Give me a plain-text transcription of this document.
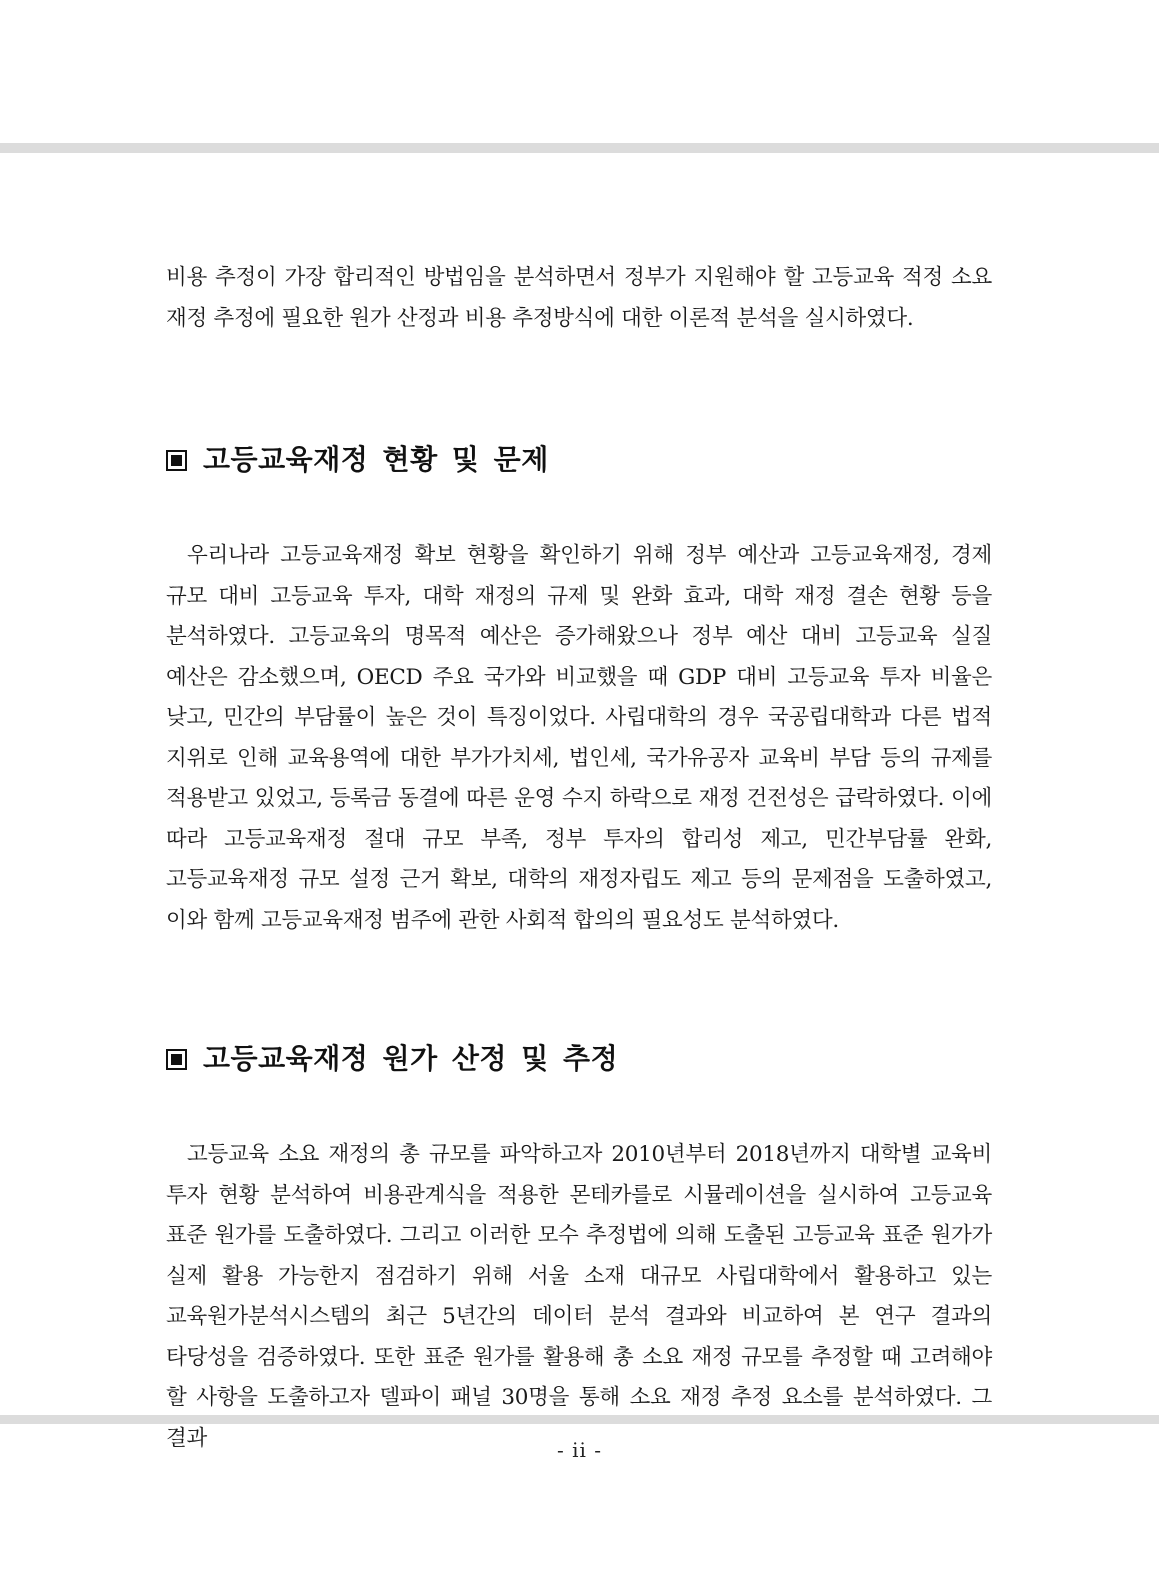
비용 추정이 가장 합리적인 방법임을 분석하면서 정부가 지원해야 할 고등교육 적정 소요 재정 추정에 필요한 원가 산정과 비용 추정방식에 대한 이론적 분석을 실시하였다.

고등교육재정 현황 및 문제

우리나라 고등교육재정 확보 현황을 확인하기 위해 정부 예산과 고등교육재정, 경제 규모 대비 고등교육 투자, 대학 재정의 규제 및 완화 효과, 대학 재정 결손 현황 등을 분석하였다. 고등교육의 명목적 예산은 증가해왔으나 정부 예산 대비 고등교육 실질 예산은 감소했으며, OECD 주요 국가와 비교했을 때 GDP 대비 고등교육 투자 비율은 낮고, 민간의 부담률이 높은 것이 특징이었다. 사립대학의 경우 국공립대학과 다른 법적 지위로 인해 교육용역에 대한 부가가치세, 법인세, 국가유공자 교육비 부담 등의 규제를 적용받고 있었고, 등록금 동결에 따른 운영 수지 하락으로 재정 건전성은 급락하였다. 이에 따라 고등교육재정 절대 규모 부족, 정부 투자의 합리성 제고, 민간부담률 완화, 고등교육재정 규모 설정 근거 확보, 대학의 재정자립도 제고 등의 문제점을 도출하였고, 이와 함께 고등교육재정 범주에 관한 사회적 합의의 필요성도 분석하였다.

고등교육재정 원가 산정 및 추정

고등교육 소요 재정의 총 규모를 파악하고자 2010년부터 2018년까지 대학별 교육비 투자 현황 분석하여 비용관계식을 적용한 몬테카를로 시뮬레이션을 실시하여 고등교육 표준 원가를 도출하였다. 그리고 이러한 모수 추정법에 의해 도출된 고등교육 표준 원가가 실제 활용 가능한지 점검하기 위해 서울 소재 대규모 사립대학에서 활용하고 있는 교육원가분석시스템의 최근 5년간의 데이터 분석 결과와 비교하여 본 연구 결과의 타당성을 검증하였다. 또한 표준 원가를 활용해 총 소요 재정 규모를 추정할 때 고려해야 할 사항을 도출하고자 델파이 패널 30명을 통해 소요 재정 추정 요소를 분석하였다. 그 결과	- ii -
